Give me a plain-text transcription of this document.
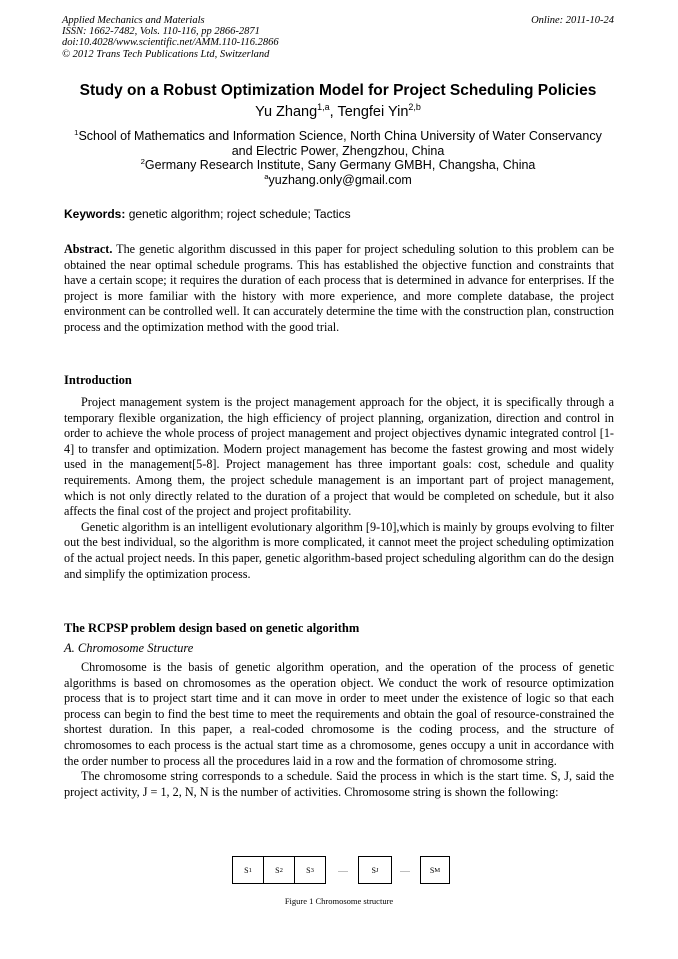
Applied Mechanics and Materials
ISSN: 1662-7482, Vols. 110-116, pp 2866-2871
doi:10.4028/www.scientific.net/AMM.110-116.2866
© 2012 Trans Tech Publications Ltd, Switzerland
Online: 2011-10-24
Study on a Robust Optimization Model for Project Scheduling Policies
Yu Zhang$^{1,a}$, Tengfei Yin$^{2,b}$
$^1$School of Mathematics and Information Science, North China University of Water Conservancy
and Electric Power, Zhengzhou, China
$^2$Germany Research Institute, Sany Germany GMBH, Changsha, China
$^a$yuzhang.only@gmail.com
Keywords: genetic algorithm; roject schedule; Tactics

Abstract. The genetic algorithm discussed in this paper for project scheduling solution to this problem can be obtained the near optimal schedule programs. This has established the objective function and constraints that have a certain scope; it requires the duration of each process that is determined in advance for enterprises. If the project is more familiar with the history with more experience, and more complete database, the project environment can be controlled well. It can accurately determine the time with the construction plan, construction process and the optimization method with the good trial.

Introduction

Project management system is the project management approach for the object, it is specifically through a temporary flexible organization, the high efficiency of project planning, organization, direction and control in order to achieve the whole process of project management and project objectives dynamic integrated control [1-4] to transfer and optimization. Modern project management has become the fastest growing and most widely used in the management[5-8]. Project management has three important goals: cost, schedule and quality requirements. Among them, the project schedule management is an important part of project management, which is not only directly related to the duration of a project that would be completed on schedule, but it also affects the final cost of the project and project profitability.

Genetic algorithm is an intelligent evolutionary algorithm [9-10],which is mainly by groups evolving to filter out the best individual, so the algorithm is more complicated, it cannot meet the project scheduling optimization of the actual project needs. In this paper, genetic algorithm-based project scheduling algorithm can do the design and simplify the optimization process.

The RCPSP problem design based on genetic algorithm
A. Chromosome Structure

Chromosome is the basis of genetic algorithm operation, and the operation of the process of genetic algorithms is based on chromosomes as the operation object. We conduct the work of resource optimization process that is to project start time and it can move in order to meet under the existence of logic so that each process can begin to find the best time to meet the requirements and obtain the goal of resource-constrained the shortest duration. In this paper, a real-coded chromosome is the coding process, and the structure of chromosomes to each process is the actual start time as a chromosome, genes occupy a unit in accordance with the order number to process all the procedures laid in a row and the formation of chromosome string.

The chromosome string corresponds to a schedule. Said the process in which is the start time. S, J, said the project activity, J = 1, 2, N, N is the number of activities. Chromosome string is shown the following:

S 1	S 2	S 3	.....	S J	..... S M
Figure 1 Chromosome structure
